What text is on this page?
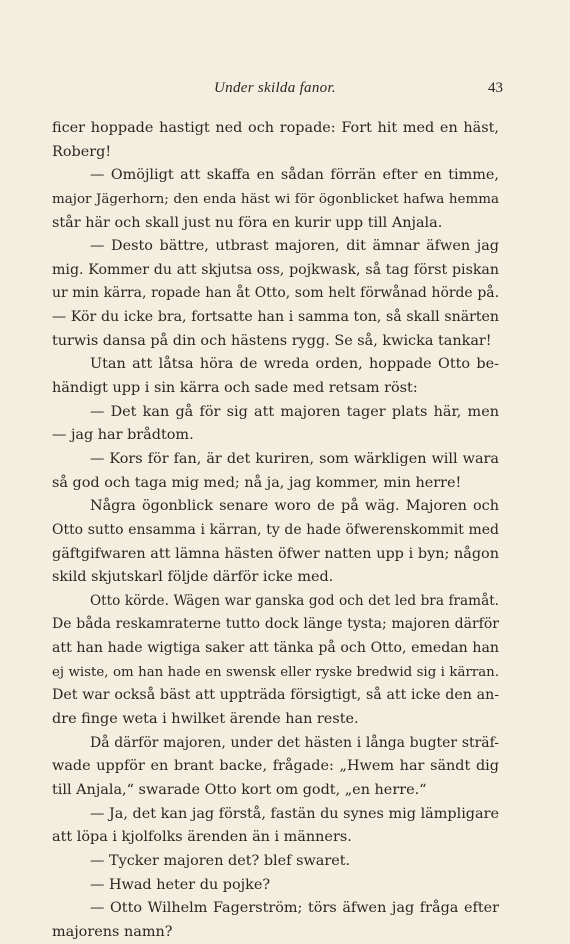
Under skilda fanor.	43
ficer hoppade hastigt ned och ropade: Fort hit med en häst,
Roberg!
— Omöjligt att skaffa en sådan förrän efter en timme,
major Jägerhorn; den enda häst wi för ögonblicket hafwa hemma
står här och skall just nu föra en kurir upp till Anjala.
— Desto bättre, utbrast majoren, dit ämnar äfwen jag
mig. Kommer du att skjutsa oss, pojkwask, så tag först piskan
ur min kärra, ropade han åt Otto, som helt förwånad hörde på.
— Kör du icke bra, fortsatte han i samma ton, så skall snärten
turwis dansa på din och hästens rygg. Se så, kwicka tankar!
Utan att låtsa höra de wreda orden, hoppade Otto be-
händigt upp i sin kärra och sade med retsam röst:
— Det kan gå för sig att majoren tager plats här, men
— jag har brådtom.
— Kors för fan, är det kuriren, som wärkligen will wara
så god och taga mig med; nå ja, jag kommer, min herre!
Några ögonblick senare woro de på wäg. Majoren och
Otto sutto ensamma i kärran, ty de hade öfwerenskommit med
gäftgifwaren att lämna hästen öfwer natten upp i byn; någon
skild skjutskarl följde därför icke med.
Otto körde. Wägen war ganska god och det led bra framåt.
De båda reskamraterne tutto dock länge tysta; majoren därför
att han hade wigtiga saker att tänka på och Otto, emedan han
ej wiste, om han hade en swensk eller ryske bredwid sig i kärran.
Det war också bäst att uppträda försigtigt, så att icke den an-
dre finge weta i hwilket ärende han reste.
Då därför majoren, under det hästen i långa bugter sträf-
wade uppför en brant backe, frågade: „Hwem har sändt dig
till Anjala,“ swarade Otto kort om godt, „en herre.“
— Ja, det kan jag förstå, fastän du synes mig lämpligare
att löpa i kjolfolks ärenden än i männers.
— Tycker majoren det? blef swaret.
— Hwad heter du pojke?
— Otto Wilhelm Fagerström; törs äfwen jag fråga efter
majorens namn?
